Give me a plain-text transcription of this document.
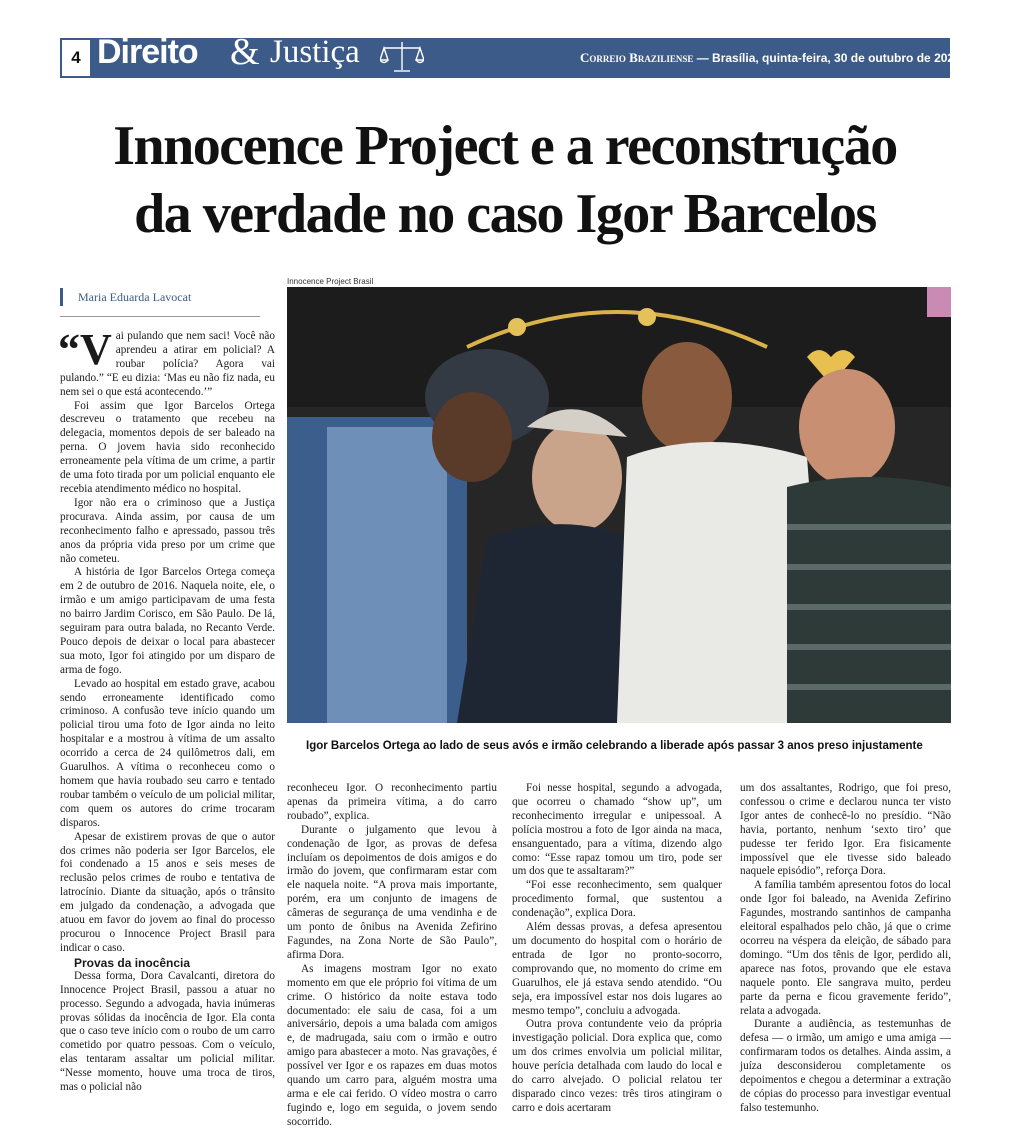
4 Direito & Justiça	Correio Braziliense — Brasília, quinta-feira, 30 de outubro de 2025
Innocence Project e a reconstrução
da verdade no caso Igor Barcelos
Maria Eduarda Lavocat
Innocence Project Brasil
Igor Barcelos Ortega ao lado de seus avós e irmão celebrando a liberade após passar 3 anos preso injustamente

“Vai pulando que nem saci! Você não aprendeu a atirar em policial? A roubar polícia? Agora vai pulando.” “E eu dizia: ‘Mas eu não fiz nada, eu nem sei o que está acontecendo.’”

Foi assim que Igor Barcelos Ortega descreveu o tratamento que recebeu na delegacia, momentos depois de ser baleado na perna. O jovem havia sido reconhecido erroneamente pela vítima de um crime, a partir de uma foto tirada por um policial enquanto ele recebia atendimento médico no hospital.

Igor não era o criminoso que a Justiça procurava. Ainda assim, por causa de um reconhecimento falho e apressado, passou três anos da própria vida preso por um crime que não cometeu.

A história de Igor Barcelos Ortega começa em 2 de outubro de 2016. Naquela noite, ele, o irmão e um amigo participavam de uma festa no bairro Jardim Corisco, em São Paulo. De lá, seguiram para outra balada, no Recanto Verde. Pouco depois de deixar o local para abastecer sua moto, Igor foi atingido por um disparo de arma de fogo.

Levado ao hospital em estado grave, acabou sendo erroneamente identificado como criminoso. A confusão teve início quando um policial tirou uma foto de Igor ainda no leito hospitalar e a mostrou à vítima de um assalto ocorrido a cerca de 24 quilômetros dali, em Guarulhos. A vítima o reconheceu como o homem que havia roubado seu carro e tentado roubar também o veículo de um policial militar, com quem os autores do crime trocaram disparos.

Apesar de existirem provas de que o autor dos crimes não poderia ser Igor Barcelos, ele foi condenado a 15 anos e seis meses de reclusão pelos crimes de roubo e tentativa de latrocínio. Diante da situação, após o trânsito em julgado da condenação, a advogada que atuou em favor do jovem ao final do processo procurou o Innocence Project Brasil para indicar o caso.

Provas da inocência

Dessa forma, Dora Cavalcanti, diretora do Innocence Project Brasil, passou a atuar no processo. Segundo a advogada, havia inúmeras provas sólidas da inocência de Igor. Ela conta que o caso teve início com o roubo de um carro cometido por quatro pessoas. Com o veículo, elas tentaram assaltar um policial militar. “Nesse momento, houve uma troca de tiros, mas o policial não

reconheceu Igor. O reconhecimento partiu apenas da primeira vítima, a do carro roubado”, explica.

Durante o julgamento que levou à condenação de Igor, as provas de defesa incluíam os depoimentos de dois amigos e do irmão do jovem, que confirmaram estar com ele naquela noite. “A prova mais importante, porém, era um conjunto de imagens de câmeras de segurança de uma vendinha e de um ponto de ônibus na Avenida Zefirino Fagundes, na Zona Norte de São Paulo”, afirma Dora.

As imagens mostram Igor no exato momento em que ele próprio foi vítima de um crime. O histórico da noite estava todo documentado: ele saiu de casa, foi a um aniversário, depois a uma balada com amigos e, de madrugada, saiu com o irmão e outro amigo para abastecer a moto. Nas gravações, é possível ver Igor e os rapazes em duas motos quando um carro para, alguém mostra uma arma e ele cai ferido. O vídeo mostra o carro fugindo e, logo em seguida, o jovem sendo socorrido.

Foi nesse hospital, segundo a advogada, que ocorreu o chamado “show up”, um reconhecimento irregular e unipessoal. A polícia mostrou a foto de Igor ainda na maca, ensanguentado, para a vítima, dizendo algo como: “Esse rapaz tomou um tiro, pode ser um dos que te assaltaram?”

“Foi esse reconhecimento, sem qualquer procedimento formal, que sustentou a condenação”, explica Dora.

Além dessas provas, a defesa apresentou um documento do hospital com o horário de entrada de Igor no pronto-socorro, comprovando que, no momento do crime em Guarulhos, ele já estava sendo atendido. “Ou seja, era impossível estar nos dois lugares ao mesmo tempo”, concluiu a advogada.

Outra prova contundente veio da própria investigação policial. Dora explica que, como um dos crimes envolvia um policial militar, houve perícia detalhada com laudo do local e do carro alvejado. O policial relatou ter disparado cinco vezes: três tiros atingiram o carro e dois acertaram

um dos assaltantes, Rodrigo, que foi preso, confessou o crime e declarou nunca ter visto Igor antes de conhecê-lo no presídio. “Não havia, portanto, nenhum ‘sexto tiro’ que pudesse ter ferido Igor. Era fisicamente impossível que ele tivesse sido baleado naquele episódio”, reforça Dora.

A família também apresentou fotos do local onde Igor foi baleado, na Avenida Zefirino Fagundes, mostrando santinhos de campanha eleitoral espalhados pelo chão, já que o crime ocorreu na véspera da eleição, de sábado para domingo. “Um dos tênis de Igor, perdido ali, aparece nas fotos, provando que ele estava naquele ponto. Ele sangrava muito, perdeu parte da perna e ficou gravemente ferido”, relata a advogada.

Durante a audiência, as testemunhas de defesa — o irmão, um amigo e uma amiga — confirmaram todos os detalhes. Ainda assim, a juíza desconsiderou completamente os depoimentos e chegou a determinar a extração de cópias do processo para investigar eventual falso testemunho.
